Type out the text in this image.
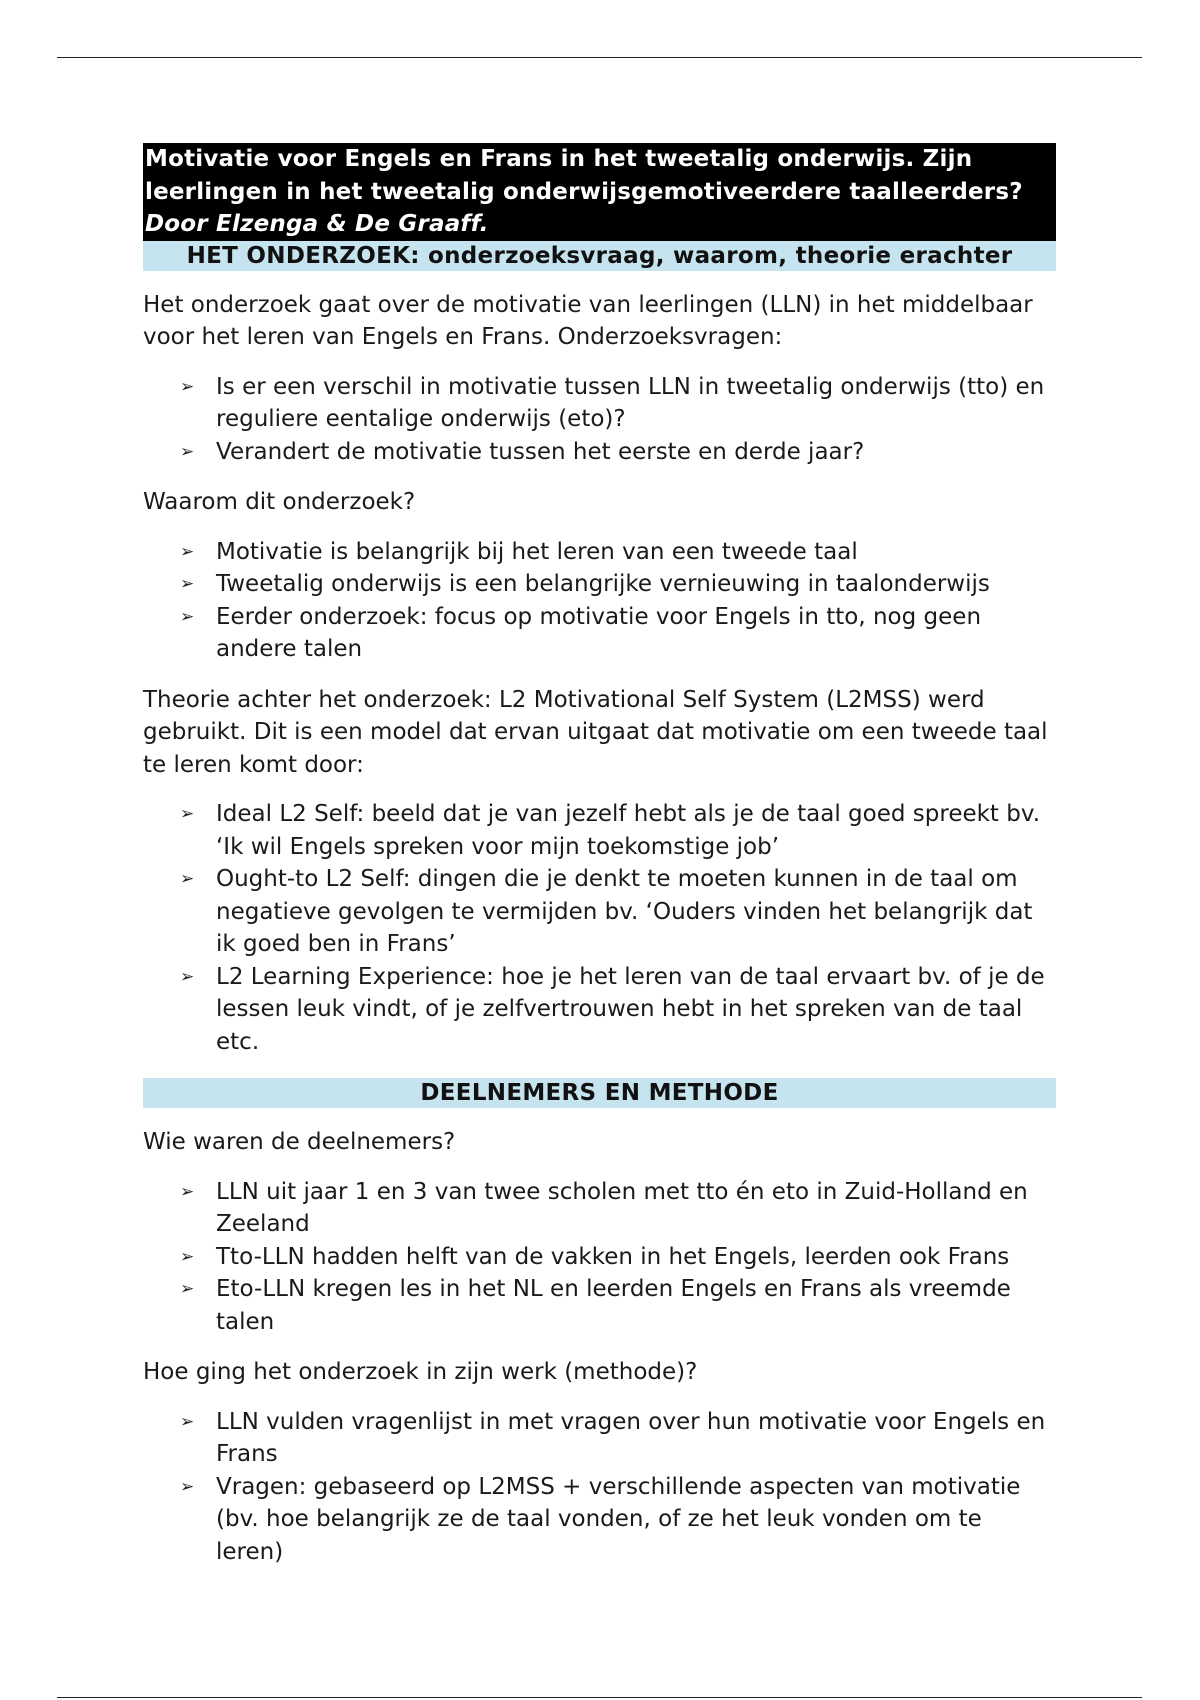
Motivatie voor Engels en Frans in het tweetalig onderwijs. Zijn
leerlingen in het tweetalig onderwijsgemotiveerdere taalleerders?
Door Elzenga & De Graaff.
HET ONDERZOEK: onderzoeksvraag, waarom, theorie erachter

Het onderzoek gaat over de motivatie van leerlingen (LLN) in het middelbaar voor het leren van Engels en Frans. Onderzoeksvragen:

➢ Is er een verschil in motivatie tussen LLN in tweetalig onderwijs (tto) en reguliere eentalige onderwijs (eto)?
➢ Verandert de motivatie tussen het eerste en derde jaar?

Waarom dit onderzoek?

➢ Motivatie is belangrijk bij het leren van een tweede taal
➢ Tweetalig onderwijs is een belangrijke vernieuwing in taalonderwijs
➢ Eerder onderzoek: focus op motivatie voor Engels in tto, nog geen andere talen

Theorie achter het onderzoek: L2 Motivational Self System (L2MSS) werd gebruikt. Dit is een model dat ervan uitgaat dat motivatie om een tweede taal te leren komt door:

➢ Ideal L2 Self: beeld dat je van jezelf hebt als je de taal goed spreekt bv. ‘Ik wil Engels spreken voor mijn toekomstige job’
➢ Ought-to L2 Self: dingen die je denkt te moeten kunnen in de taal om negatieve gevolgen te vermijden bv. ‘Ouders vinden het belangrijk dat ik goed ben in Frans’
➢ L2 Learning Experience: hoe je het leren van de taal ervaart bv. of je de lessen leuk vindt, of je zelfvertrouwen hebt in het spreken van de taal etc.
DEELNEMERS EN METHODE

Wie waren de deelnemers?

➢ LLN uit jaar 1 en 3 van twee scholen met tto én eto in Zuid-Holland en Zeeland
➢ Tto-LLN hadden helft van de vakken in het Engels, leerden ook Frans
➢ Eto-LLN kregen les in het NL en leerden Engels en Frans als vreemde talen

Hoe ging het onderzoek in zijn werk (methode)?

➢ LLN vulden vragenlijst in met vragen over hun motivatie voor Engels en Frans
➢ Vragen: gebaseerd op L2MSS + verschillende aspecten van motivatie (bv. hoe belangrijk ze de taal vonden, of ze het leuk vonden om te leren)
